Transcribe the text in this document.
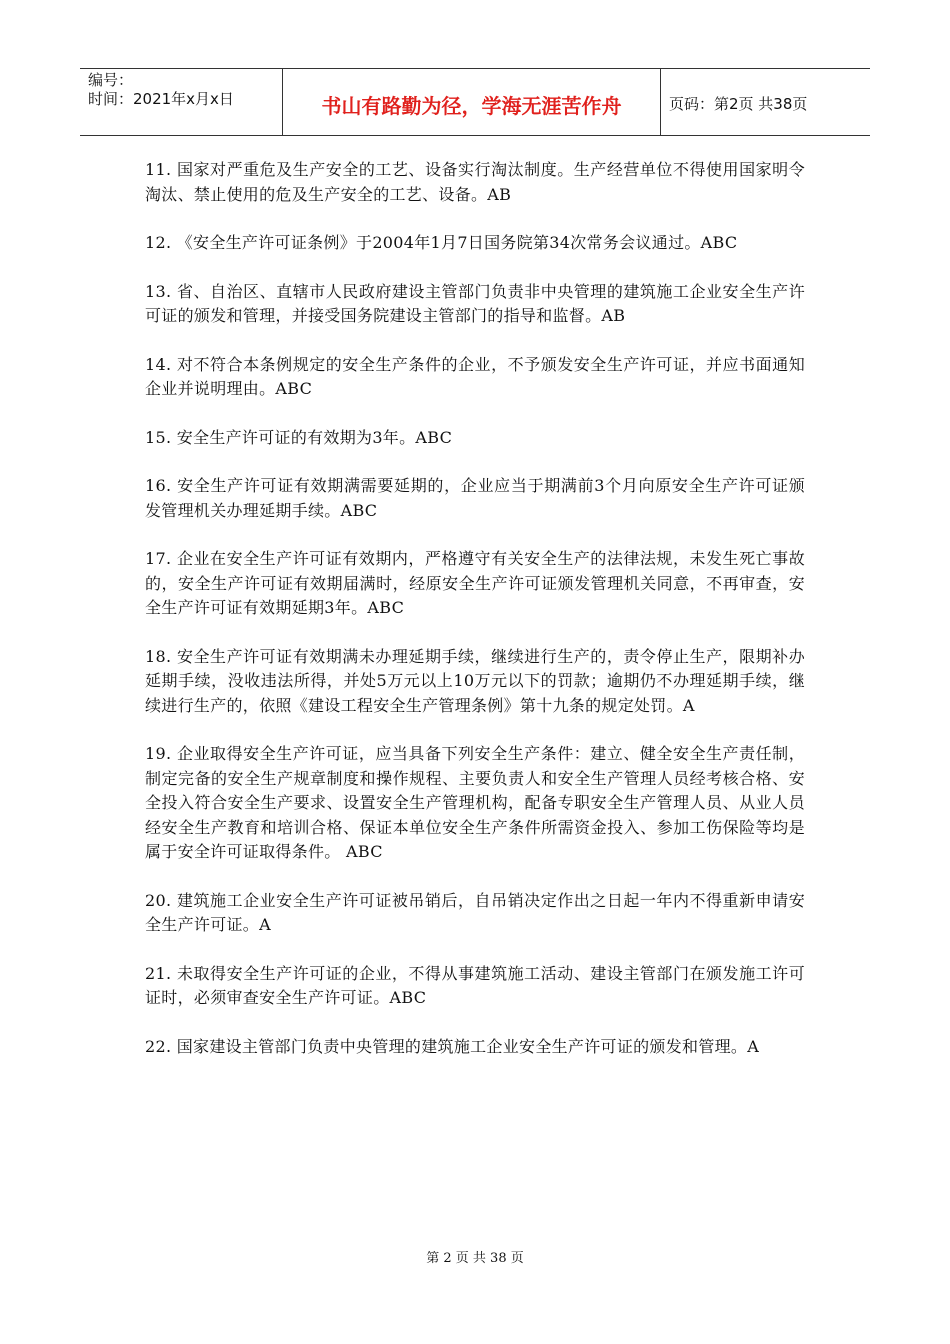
编号：
时间：2021年x月x日	书山有路勤为径，学海无涯苦作舟	页码：第2页 共38页

11. 国家对严重危及生产安全的工艺、设备实行淘汰制度。生产经营单位不得使用国家明令淘汰、禁止使用的危及生产安全的工艺、设备。AB

12. 《安全生产许可证条例》于2004年1月7日国务院第34次常务会议通过。ABC

13. 省、自治区、直辖市人民政府建设主管部门负责非中央管理的建筑施工企业安全生产许可证的颁发和管理，并接受国务院建设主管部门的指导和监督。AB

14. 对不符合本条例规定的安全生产条件的企业，不予颁发安全生产许可证，并应书面通知企业并说明理由。ABC

15. 安全生产许可证的有效期为3年。ABC

16. 安全生产许可证有效期满需要延期的，企业应当于期满前3个月向原安全生产许可证颁发管理机关办理延期手续。ABC

17. 企业在安全生产许可证有效期内，严格遵守有关安全生产的法律法规，未发生死亡事故的，安全生产许可证有效期届满时，经原安全生产许可证颁发管理机关同意，不再审查，安全生产许可证有效期延期3年。ABC

18. 安全生产许可证有效期满未办理延期手续，继续进行生产的，责令停止生产，限期补办延期手续，没收违法所得，并处5万元以上10万元以下的罚款；逾期仍不办理延期手续，继续进行生产的，依照《建设工程安全生产管理条例》第十九条的规定处罚。A

19. 企业取得安全生产许可证，应当具备下列安全生产条件：建立、健全安全生产责任制，制定完备的安全生产规章制度和操作规程、主要负责人和安全生产管理人员经考核合格、安全投入符合安全生产要求、设置安全生产管理机构，配备专职安全生产管理人员、从业人员经安全生产教育和培训合格、保证本单位安全生产条件所需资金投入、参加工伤保险等均是属于安全许可证取得条件。 ABC

20. 建筑施工企业安全生产许可证被吊销后，自吊销决定作出之日起一年内不得重新申请安全生产许可证。A

21. 未取得安全生产许可证的企业，不得从事建筑施工活动、建设主管部门在颁发施工许可证时，必须审查安全生产许可证。ABC

22. 国家建设主管部门负责中央管理的建筑施工企业安全生产许可证的颁发和管理。A

第 2 页 共 38 页
